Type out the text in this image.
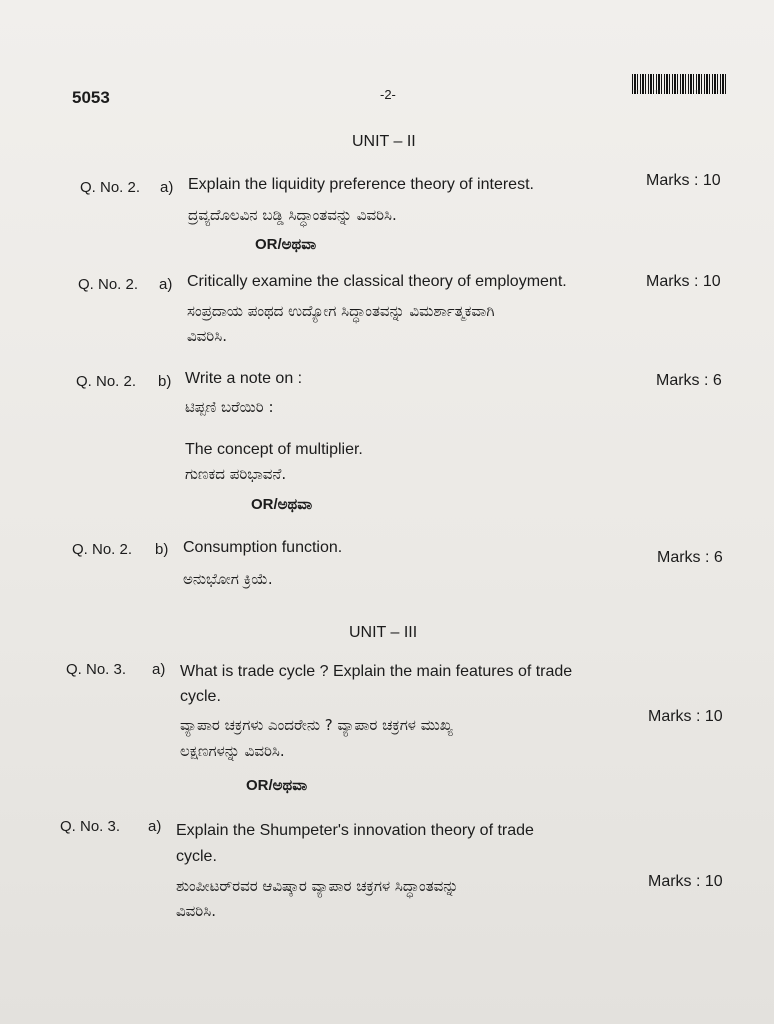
5053	-2-
UNIT – II
Q. No. 2. a) Explain the liquidity preference theory of interest.	Marks : 10
ದ್ರವ್ಯದೊಲವಿನ ಬಡ್ಡಿ ಸಿದ್ಧಾಂತವನ್ನು ವಿವರಿಸಿ.
OR/ಅಥವಾ
Q. No. 2. a) Critically examine the classical theory of employment.	Marks : 10
ಸಂಪ್ರದಾಯ ಪಂಥದ ಉದ್ಯೋಗ ಸಿದ್ಧಾಂತವನ್ನು ವಿಮರ್ಶಾತ್ಮಕವಾಗಿ
ವಿವರಿಸಿ.
Q. No. 2. b) Write a note on :	Marks : 6
ಟಿಪ್ಪಣಿ ಬರೆಯಿರಿ :
The concept of multiplier.
ಗುಣಕದ ಪರಿಭಾವನೆ.
OR/ಅಥವಾ
Q. No. 2. b) Consumption function.
Marks : 6
ಅನುಭೋಗ ಕ್ರಿಯೆ.
UNIT – III
Q. No. 3. a) What is trade cycle ? Explain the main features of trade
cycle.
Marks : 10
ವ್ಯಾಪಾರ ಚಕ್ರಗಳು ಎಂದರೇನು ? ವ್ಯಾಪಾರ ಚಕ್ರಗಳ ಮುಖ್ಯ
ಲಕ್ಷಣಗಳನ್ನು ವಿವರಿಸಿ.
OR/ಅಥವಾ
Q. No. 3. a) Explain the Shumpeter's innovation theory of trade
cycle.
Marks : 10
ಶುಂಪೀಟರ್‌ರವರ ಆವಿಷ್ಕಾರ ವ್ಯಾಪಾರ ಚಕ್ರಗಳ ಸಿದ್ಧಾಂತವನ್ನು
ವಿವರಿಸಿ.
